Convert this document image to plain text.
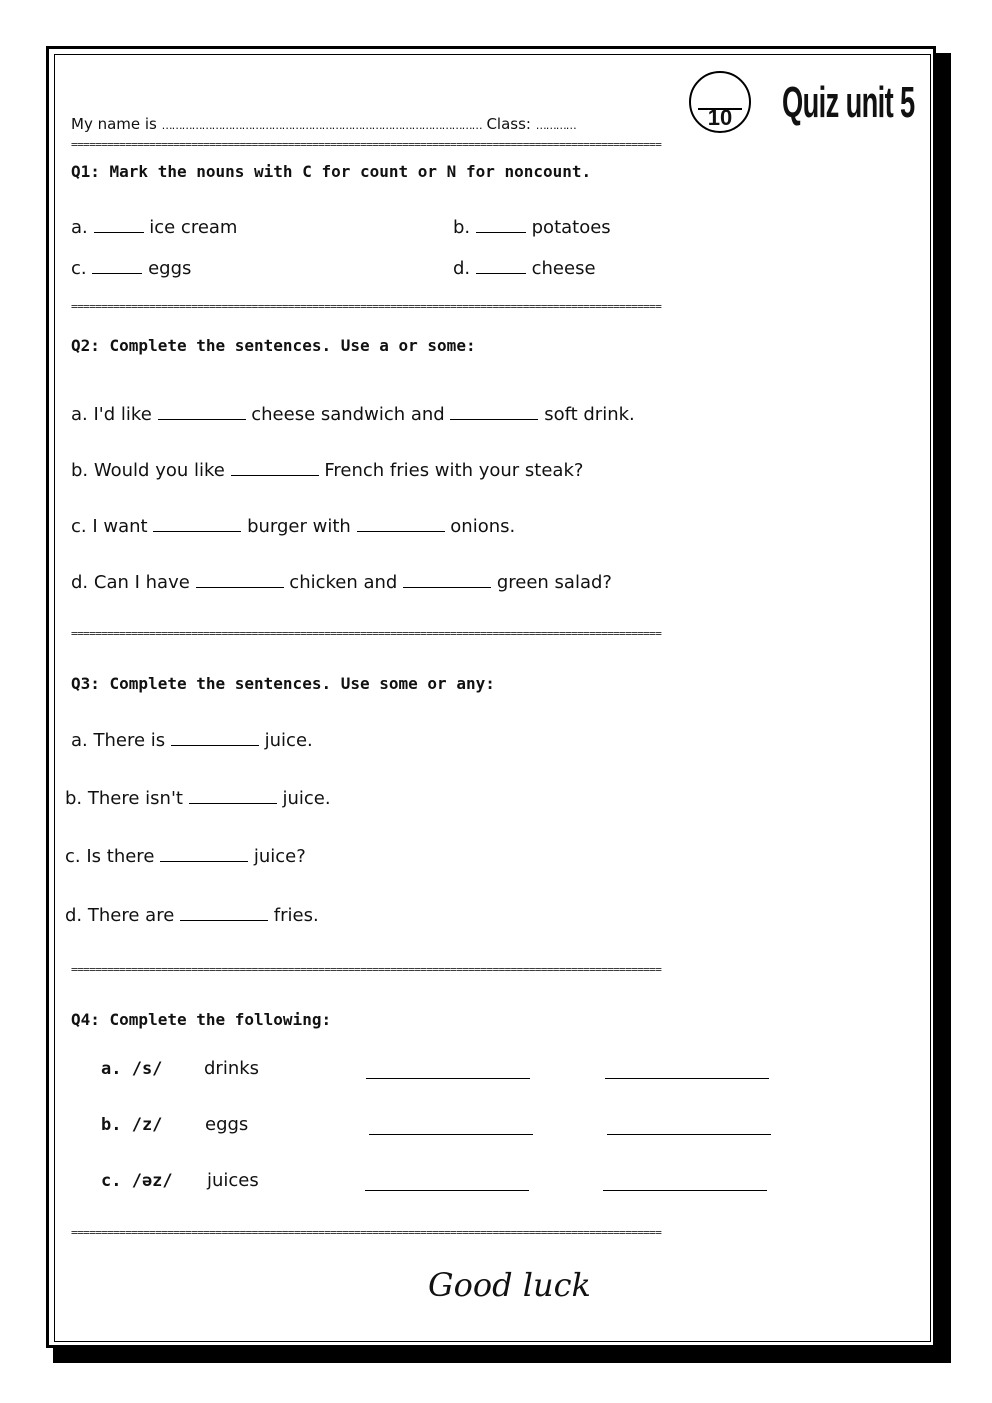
My name is …………………………………………………………………………………… Class: …………	10	Quiz unit 5
==================================================================================================
Q1: Mark the nouns with C for count or N for noncount.
a.	ice cream	b.	potatoes
c.	eggs	d.	cheese
==================================================================================================
Q2: Complete the sentences. Use a or some:
a. I'd like	cheese sandwich and	soft drink.
b. Would you like	French fries with your steak?
c. I want	burger with	onions.
d. Can I have	chicken and	green salad?
==================================================================================================
Q3: Complete the sentences. Use some or any:
a. There is	juice.
b. There isn't	juice.
c. Is there	juice?
d. There are	fries.
==================================================================================================
Q4: Complete the following:
a. /s/ drinks
b. /z/ eggs
c. /əz/ juices
==================================================================================================
Good luck
